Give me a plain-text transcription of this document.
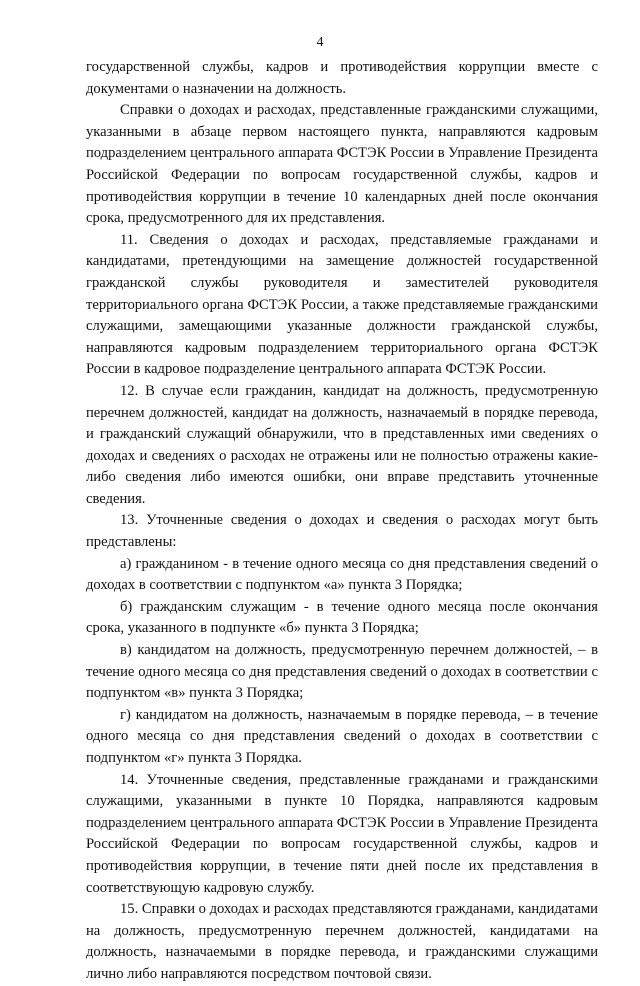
4

государственной службы, кадров и противодействия коррупции вместе с документами о назначении на должность.

Справки о доходах и расходах, представленные гражданскими служащими, указанными в абзаце первом настоящего пункта, направляются кадровым подразделением центрального аппарата ФСТЭК России в Управление Президента Российской Федерации по вопросам государственной службы, кадров и противодействия коррупции в течение 10 календарных дней после окончания срока, предусмотренного для их представления.

11. Сведения о доходах и расходах, представляемые гражданами и кандидатами, претендующими на замещение должностей государственной гражданской службы руководителя и заместителей руководителя территориального органа ФСТЭК России, а также представляемые гражданскими служащими, замещающими указанные должности гражданской службы, направляются кадровым подразделением территориального органа ФСТЭК России в кадровое подразделение центрального аппарата ФСТЭК России.

12. В случае если гражданин, кандидат на должность, предусмотренную перечнем должностей, кандидат на должность, назначаемый в порядке перевода, и гражданский служащий обнаружили, что в представленных ими сведениях о доходах и сведениях о расходах не отражены или не полностью отражены какие-либо сведения либо имеются ошибки, они вправе представить уточненные сведения.

13. Уточненные сведения о доходах и сведения о расходах могут быть представлены:

а) гражданином - в течение одного месяца со дня представления сведений о доходах в соответствии с подпунктом «а» пункта 3 Порядка;

б) гражданским служащим - в течение одного месяца после окончания срока, указанного в подпункте «б» пункта 3 Порядка;

в) кандидатом на должность, предусмотренную перечнем должностей, – в течение одного месяца со дня представления сведений о доходах в соответствии с подпунктом «в» пункта 3 Порядка;

г) кандидатом на должность, назначаемым в порядке перевода, – в течение одного месяца со дня представления сведений о доходах в соответствии с подпунктом «г» пункта 3 Порядка.

14. Уточненные сведения, представленные гражданами и гражданскими служащими, указанными в пункте 10 Порядка, направляются кадровым подразделением центрального аппарата ФСТЭК России в Управление Президента Российской Федерации по вопросам государственной службы, кадров и противодействия коррупции, в течение пяти дней после их представления в соответствующую кадровую службу.

15. Справки о доходах и расходах представляются гражданами, кандидатами на должность, предусмотренную перечнем должностей, кандидатами на должность, назначаемыми в порядке перевода, и гражданскими служащими лично либо направляются посредством почтовой связи.
